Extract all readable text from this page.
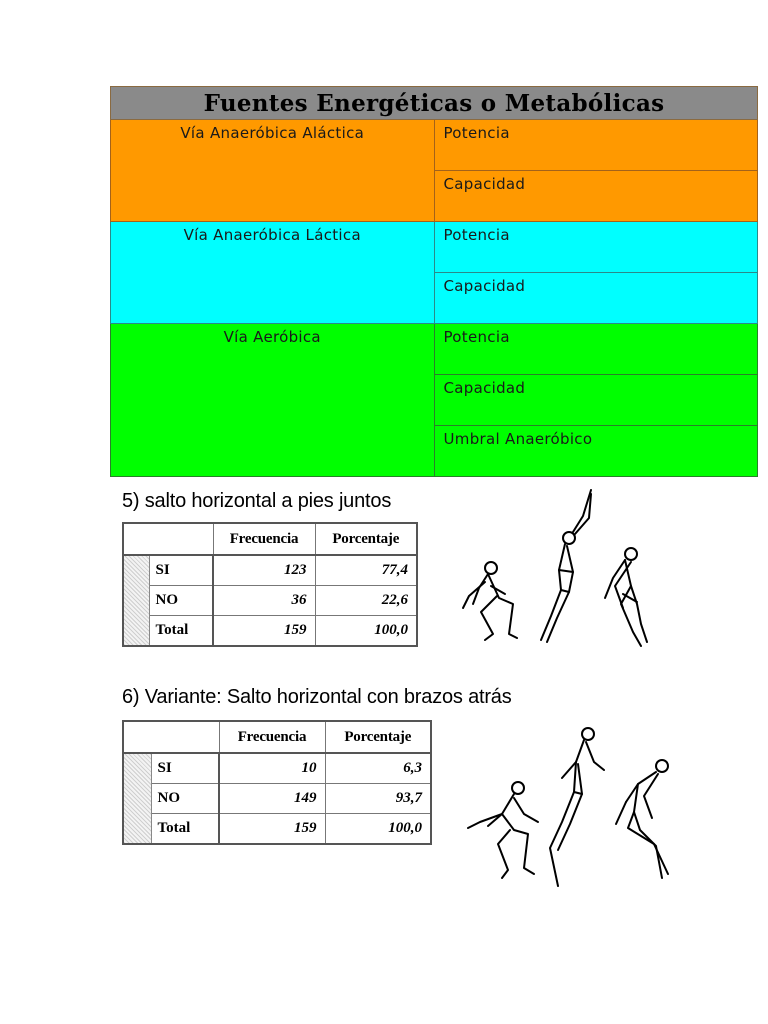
Fuentes Energéticas o Metabólicas	
Vía Anaeróbica Aláctica	Potencia
	Capacidad
Vía Anaeróbica Láctica	Potencia
	Capacidad
Vía Aeróbica	Potencia
	Capacidad
	Umbral Anaeróbico
5) salto horizontal a pies juntos
		Frecuencia	Porcentaje
	SI	123	77,4
	NO	36	22,6
	Total	159	100,0
6) Variante: Salto horizontal con brazos atrás
		Frecuencia	Porcentaje
	SI	10	6,3
	NO	149	93,7
	Total	159	100,0
